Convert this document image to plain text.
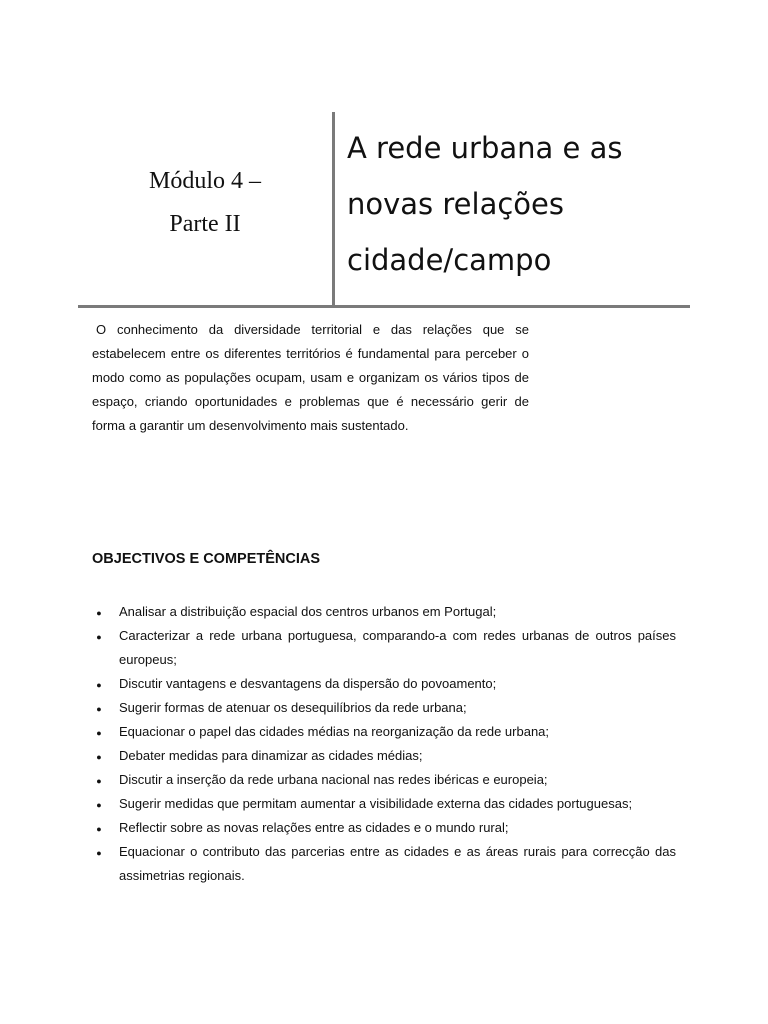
Módulo 4 –
Parte II
A rede urbana e as
novas relações
cidade/campo

O conhecimento da diversidade territorial e das relações que se estabelecem entre os diferentes territórios é fundamental para perceber o modo como as populações ocupam, usam e organizam os vários tipos de espaço, criando oportunidades e problemas que é necessário gerir de forma a garantir um desenvolvimento mais sustentado.

OBJECTIVOS E COMPETÊNCIAS
● Analisar a distribuição espacial dos centros urbanos em Portugal;
● Caracterizar a rede urbana portuguesa, comparando-a com redes urbanas de outros países europeus;
● Discutir vantagens e desvantagens da dispersão do povoamento;
● Sugerir formas de atenuar os desequilíbrios da rede urbana;
● Equacionar o papel das cidades médias na reorganização da rede urbana;
● Debater medidas para dinamizar as cidades médias;
● Discutir a inserção da rede urbana nacional nas redes ibéricas e europeia;
● Sugerir medidas que permitam aumentar a visibilidade externa das cidades portuguesas;
● Reflectir sobre as novas relações entre as cidades e o mundo rural;
● Equacionar o contributo das parcerias entre as cidades e as áreas rurais para correcção das assimetrias regionais.
